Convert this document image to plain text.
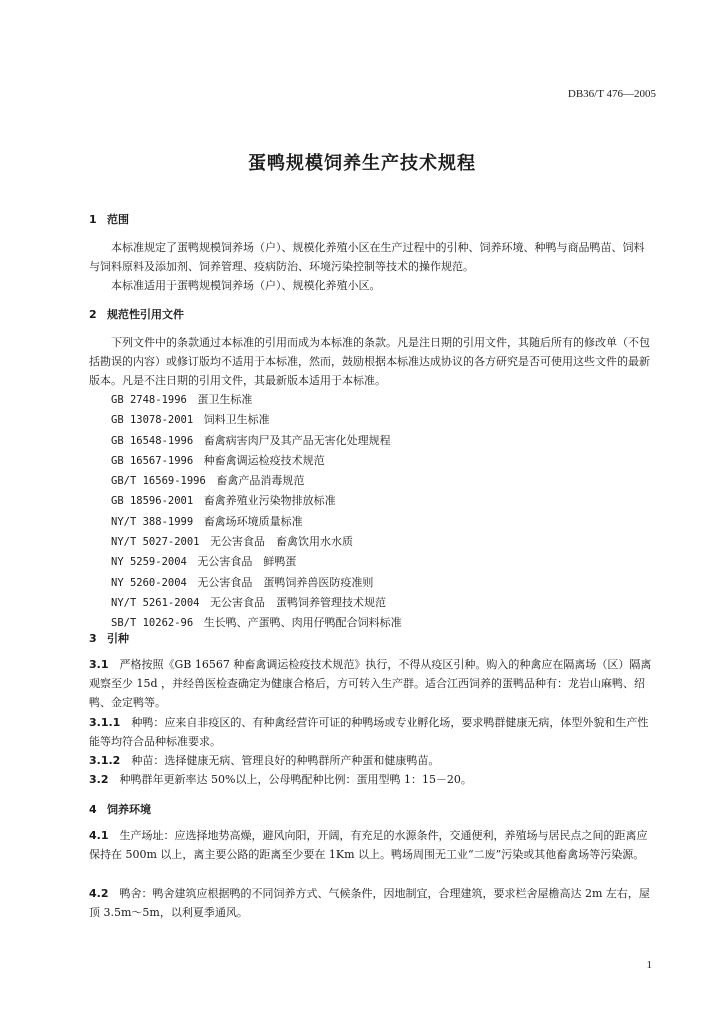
DB36/T 476—2005
蛋鸭规模饲养生产技术规程
1 范围
本标准规定了蛋鸭规模饲养场（户）、规模化养殖小区在生产过程中的引种、饲养环境、种鸭与商品鸭苗、饲料与饲料原料及添加剂、饲养管理、疫病防治、环境污染控制等技术的操作规范。
本标准适用于蛋鸭规模饲养场（户）、规模化养殖小区。
2 规范性引用文件
下列文件中的条款通过本标准的引用而成为本标准的条款。凡是注日期的引用文件，其随后所有的修改单（不包括勘误的内容）或修订版均不适用于本标准，然而，鼓励根据本标准达成协议的各方研究是否可使用这些文件的最新版本。凡是不注日期的引用文件，其最新版本适用于本标准。
GB 2748-1996 蛋卫生标准
GB 13078-2001 饲料卫生标准
GB 16548-1996 畜禽病害肉尸及其产品无害化处理规程
GB 16567-1996 种畜禽调运检疫技术规范
GB/T 16569-1996 畜禽产品消毒规范
GB 18596-2001 畜禽养殖业污染物排放标准
NY/T 388-1999 畜禽场环境质量标准
NY/T 5027-2001 无公害食品　畜禽饮用水水质
NY 5259-2004 无公害食品　鲜鸭蛋
NY 5260-2004 无公害食品　蛋鸭饲养兽医防疫准则
NY/T 5261-2004 无公害食品　蛋鸭饲养管理技术规范
SB/T 10262-96 生长鸭、产蛋鸭、肉用仔鸭配合饲料标准
3 引种
3.1　 严格按照《GB 16567 种畜禽调运检疫技术规范》执行，不得从疫区引种。购入的种禽应在隔离场（区）隔离观察至少 15d ，并经兽医检查确定为健康合格后，方可转入生产群。适合江西饲养的蛋鸭品种有：龙岩山麻鸭、绍鸭、金定鸭等。
3.1.1　 种鸭：应来自非疫区的、有种禽经营许可证的种鸭场或专业孵化场，要求鸭群健康无病，体型外貌和生产性能等均符合品种标准要求。
3.1.2　 种苗：选择健康无病、管理良好的种鸭群所产种蛋和健康鸭苗。
3.2　 种鸭群年更新率达 50%以上，公母鸭配种比例：蛋用型鸭 1：15－20。
4 饲养环境
4.1　 生产场址：应选择地势高燥，避风向阳，开阔，有充足的水源条件，交通便利，养殖场与居民点之间的距离应保持在 500m 以上，离主要公路的距离至少要在 1Km 以上。鸭场周围无工业“二废”污染或其他畜禽场等污染源。
4.2　 鸭舍：鸭舍建筑应根据鸭的不同饲养方式、气候条件，因地制宜，合理建筑，要求栏舍屋檐高达 2m 左右，屋顶 3.5m～5m，以利夏季通风。
1
